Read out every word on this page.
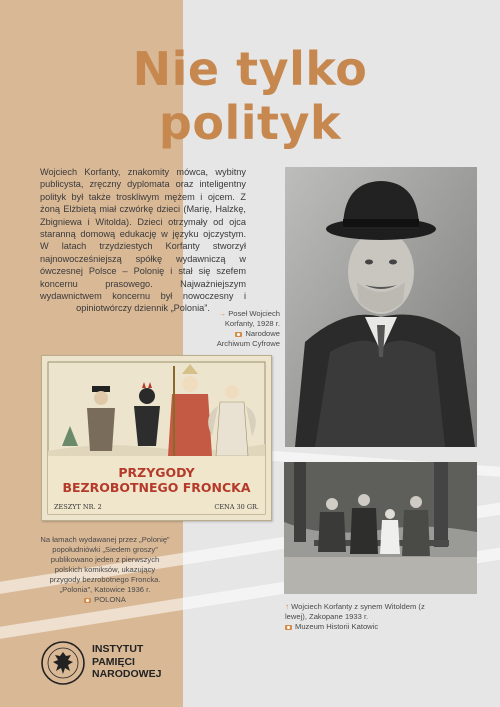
Nie tylko
polityk
Wojciech Korfanty, znakomity mówca, wybitny publicysta, zręczny dyplomata oraz inteligentny polityk był także troskliwym mężem i ojcem. Z żoną Elżbietą miał czwórkę dzieci (Marię, Halzkę, Zbigniewa i Witolda). Dzieci otrzymały od ojca staranną domową edukację w języku ojczystym. W latach trzydziestych Korfanty stworzył najnowocześniejszą spółkę wydawniczą w ówczesnej Polsce – Polonię i stał się szefem koncernu prasowego. Najważniejszym wydawnictwem koncernu był nowoczesny i opiniotwórczy dziennik „Polonia”.
→ Poseł Wojciech Korfanty, 1928 r.
Narodowe Archiwum Cyfrowe
PRZYGODY
BEZROBOTNEGO FRONCKA
ZESZYT NR. 2	CENA 30 GR.
Na łamach wydawanej przez „Polonię” popołudniówki „Siedem groszy” publikowano jeden z pierwszych polskich komiksów, ukazujący przygody bezrobotnego Froncka. „Polonia”, Katowice 1936 r.
POLONA
↑ Wojciech Korfanty z synem Witoldem (z lewej), Zakopane 1933 r.
Muzeum Historii Katowic
INSTYTUT
PAMIĘCI
NARODOWEJ
